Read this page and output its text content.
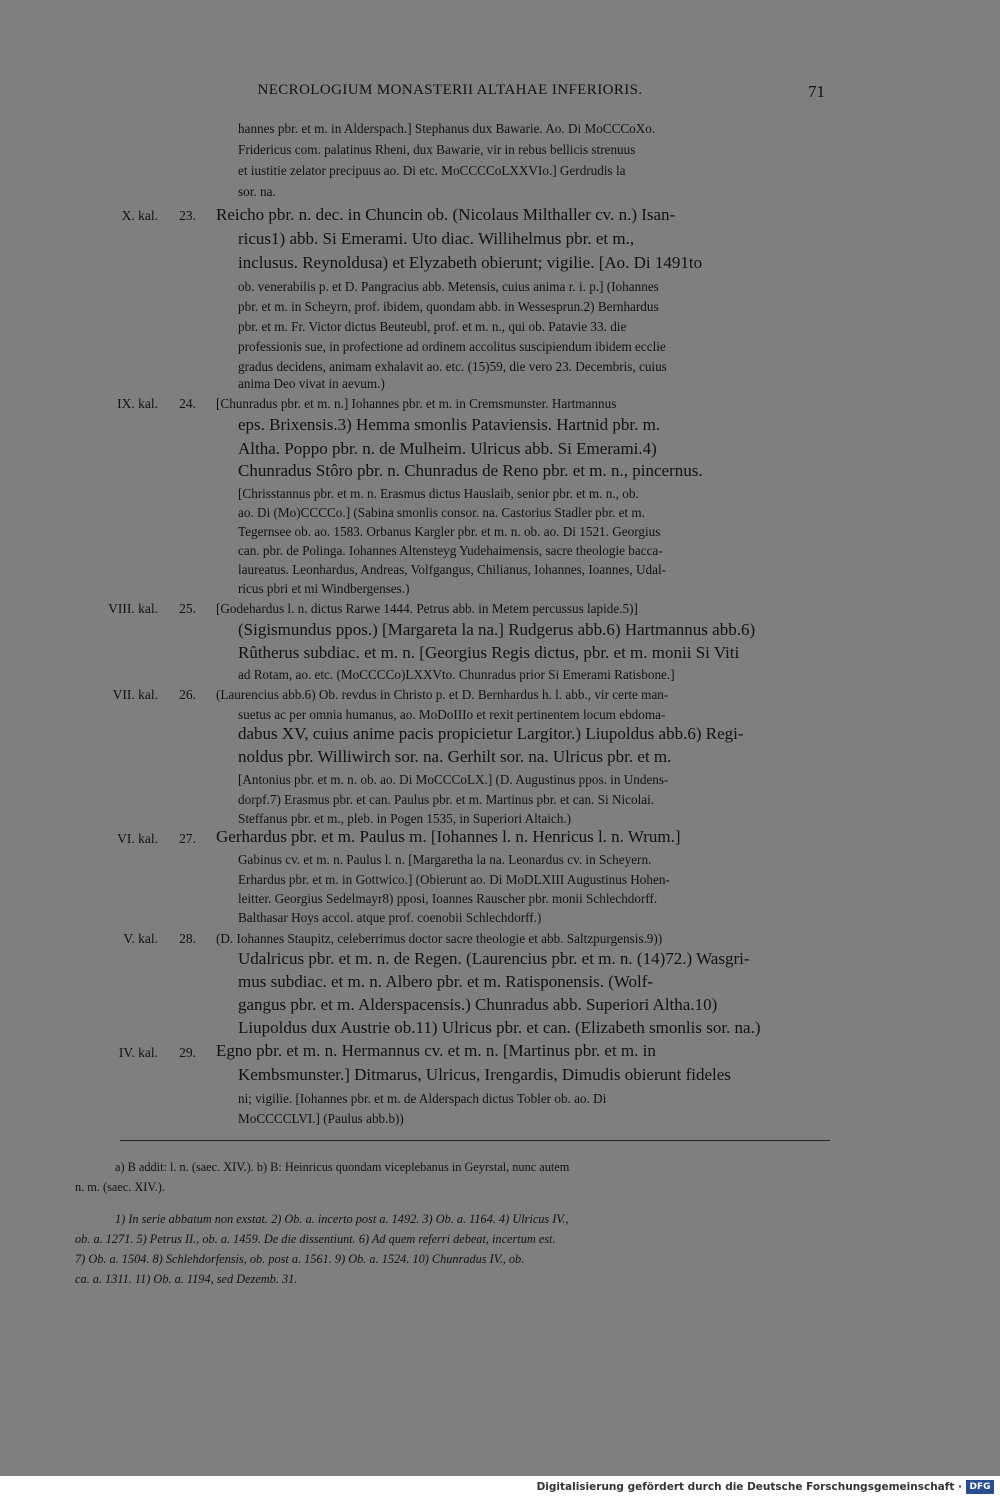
NECROLOGIUM MONASTERII ALTAHAE INFERIORIS.	71
hannes pbr. et m. in Alderspach.] Stephanus dux Bawarie. Ao. Di MoCCCoXo.
Fridericus com. palatinus Rheni, dux Bawarie, vir in rebus bellicis strenuus
et iustitie zelator precipuus ao. Di etc. MoCCCCoLXXVIo.] Gerdrudis la
sor. na.
X. kal.	23. Reicho pbr. n. dec. in Chuncin ob. (Nicolaus Milthaller cv. n.) Isan-
ricus1) abb. Si Emerami. Uto diac. Willihelmus pbr. et m.,
inclusus. Reynoldusa) et Elyzabeth obierunt; vigilie. [Ao. Di 1491to
ob. venerabilis p. et D. Pangracius abb. Metensis, cuius anima r. i. p.] (Iohannes
pbr. et m. in Scheyrn, prof. ibidem, quondam abb. in Wessesprun.2) Bernhardus
pbr. et m. Fr. Victor dictus Beuteubl, prof. et m. n., qui ob. Patavie 33. die
professionis sue, in profectione ad ordinem accolitus suscipiendum ibidem ecclie
gradus decidens, animam exhalavit ao. etc. (15)59, die vero 23. Decembris, cuius
anima Deo vivat in aevum.)
IX. kal.	24. [Chunradus pbr. et m. n.] Iohannes pbr. et m. in Cremsmunster. Hartmannus
eps. Brixensis.3) Hemma smonlis Pataviensis. Hartnid pbr. m.
Altha. Poppo pbr. n. de Mulheim. Ulricus abb. Si Emerami.4)
Chunradus Stôro pbr. n. Chunradus de Reno pbr. et m. n., pincernus.
[Chrisstannus pbr. et m. n. Erasmus dictus Hauslaib, senior pbr. et m. n., ob.
ao. Di (Mo)CCCCo.] (Sabina smonlis consor. na. Castorius Stadler pbr. et m.
Tegernsee ob. ao. 1583. Orbanus Kargler pbr. et m. n. ob. ao. Di 1521. Georgius
can. pbr. de Polinga. Iohannes Altensteyg Yudehaimensis, sacre theologie bacca-
laureatus. Leonhardus, Andreas, Volfgangus, Chilianus, Iohannes, Ioannes, Udal-
ricus pbri et mi Windbergenses.)
VIII. kal.	25. [Godehardus l. n. dictus Rarwe 1444. Petrus abb. in Metem percussus lapide.5)]
(Sigismundus ppos.) [Margareta la na.] Rudgerus abb.6) Hartmannus abb.6)
Rûtherus subdiac. et m. n. [Georgius Regis dictus, pbr. et m. monii Si Viti
ad Rotam, ao. etc. (MoCCCCo)LXXVto. Chunradus prior Si Emerami Ratisbone.]
VII. kal.	26. (Laurencius abb.6) Ob. revdus in Christo p. et D. Bernhardus h. l. abb., vir certe man-
suetus ac per omnia humanus, ao. MoDoIIIo et rexit pertinentem locum ebdoma-
dabus XV, cuius anime pacis propicietur Largitor.) Liupoldus abb.6) Regi-
noldus pbr. Williwirch sor. na. Gerhilt sor. na. Ulricus pbr. et m.
[Antonius pbr. et m. n. ob. ao. Di MoCCCoLX.] (D. Augustinus ppos. in Undens-
dorpf.7) Erasmus pbr. et can. Paulus pbr. et m. Martinus pbr. et can. Si Nicolai.
Steffanus pbr. et m., pleb. in Pogen 1535, in Superiori Altaich.)
VI. kal.	27. Gerhardus pbr. et m. Paulus m. [Iohannes l. n. Henricus l. n. Wrum.]
Gabinus cv. et m. n. Paulus l. n. [Margaretha la na. Leonardus cv. in Scheyern.
Erhardus pbr. et m. in Gottwico.] (Obierunt ao. Di MoDLXIII Augustinus Hohen-
leitter. Georgius Sedelmayr8) pposi, Ioannes Rauscher pbr. monii Schlechdorff.
Balthasar Hoys accol. atque prof. coenobii Schlechdorff.)
V. kal.	28. (D. Iohannes Staupitz, celeberrimus doctor sacre theologie et abb. Saltzpurgensis.9))
Udalricus pbr. et m. n. de Regen. (Laurencius pbr. et m. n. (14)72.) Wasgri-
mus subdiac. et m. n. Albero pbr. et m. Ratisponensis. (Wolf-
gangus pbr. et m. Alderspacensis.) Chunradus abb. Superiori Altha.10)
Liupoldus dux Austrie ob.11) Ulricus pbr. et can. (Elizabeth smonlis sor. na.)
IV. kal.	29. Egno pbr. et m. n. Hermannus cv. et m. n. [Martinus pbr. et m. in
Kembsmunster.] Ditmarus, Ulricus, Irengardis, Dimudis obierunt fideles
ni; vigilie. [Iohannes pbr. et m. de Alderspach dictus Tobler ob. ao. Di
MoCCCCLVI.] (Paulus abb.b))
a) B addit: l. n. (saec. XIV.). b) B: Heinricus quondam viceplebanus in Geyrstal, nunc autem
n. m. (saec. XIV.).
1) In serie abbatum non exstat. 2) Ob. a. incerto post a. 1492. 3) Ob. a. 1164. 4) Ulricus IV.,
ob. a. 1271. 5) Petrus II., ob. a. 1459. De die dissentiunt. 6) Ad quem referri debeat, incertum est.
7) Ob. a. 1504. 8) Schlehdorfensis, ob. post a. 1561. 9) Ob. a. 1524. 10) Chunradus IV., ob.
ca. a. 1311. 11) Ob. a. 1194, sed Dezemb. 31.
Digitalisierung gefördert durch die Deutsche Forschungsgemeinschaft · DFG
